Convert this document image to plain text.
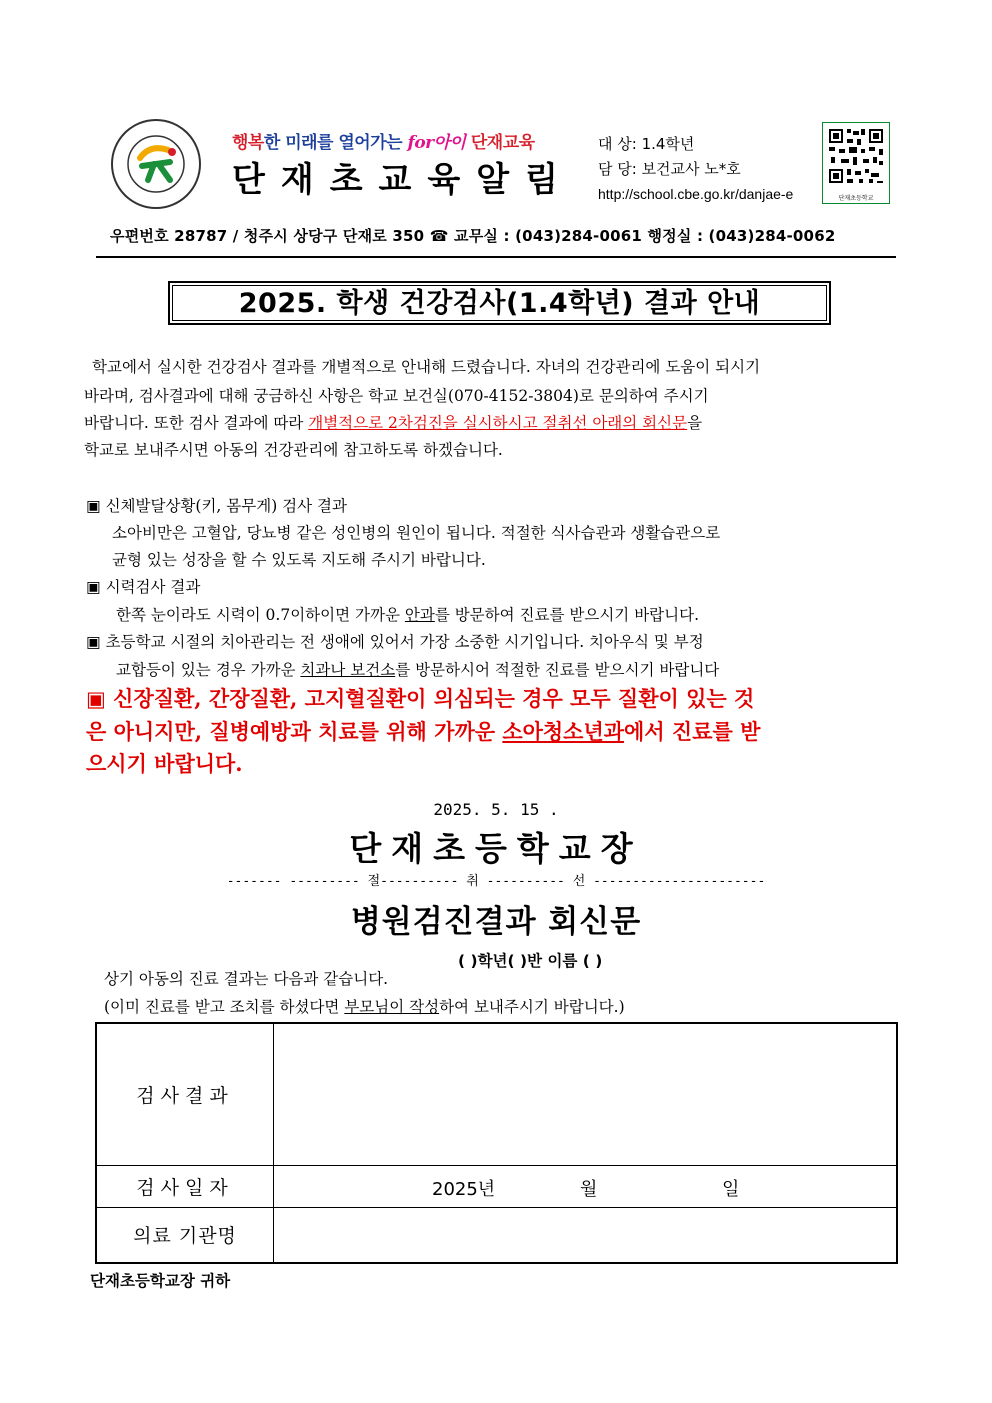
행복한 미래를 열어가는 for아이 단재교육
단재초교육알림
대 상: 1.4학년
담 당: 보건교사 노*호
http://school.cbe.go.kr/danjae-e	단재초등학교
우편번호 28787 / 청주시 상당구 단재로 350 ☎ 교무실 : (043)284-0061 행정실 : (043)284-0062
2025. 학생 건강검사(1.4학년) 결과 안내
학교에서 실시한 건강검사 결과를 개별적으로 안내해 드렸습니다. 자녀의 건강관리에 도움이 되시기
바라며, 검사결과에 대해 궁금하신 사항은 학교 보건실(070-4152-3804)로 문의하여 주시기
바랍니다. 또한 검사 결과에 따라 개별적으로 2차검진을 실시하시고 절취선 아래의 회신문을
학교로 보내주시면 아동의 건강관리에 참고하도록 하겠습니다.
▣ 신체발달상황(키, 몸무게) 검사 결과
소아비만은 고혈압, 당뇨병 같은 성인병의 원인이 됩니다. 적절한 식사습관과 생활습관으로
균형 있는 성장을 할 수 있도록 지도해 주시기 바랍니다.
▣ 시력검사 결과
한쪽 눈이라도 시력이 0.7이하이면 가까운 안과를 방문하여 진료를 받으시기 바랍니다.
▣ 초등학교 시절의 치아관리는 전 생애에 있어서 가장 소중한 시기입니다. 치아우식 및 부정
교합등이 있는 경우 가까운 치과나 보건소를 방문하시어 적절한 진료를 받으시기 바랍니다
▣ 신장질환, 간장질환, 고지혈질환이 의심되는 경우 모두 질환이 있는 것
은 아니지만, 질병예방과 치료를 위해 가까운 소아청소년과에서 진료를 받
으시기 바랍니다.
2025. 5. 15 .
단재초등학교장
------- --------- 절---------- 취 ---------- 선 ----------------------
병원검진결과 회신문
( )학년( )반 이름 ( )
상기 아동의 진료 결과는 다음과 같습니다.
(이미 진료를 받고 조치를 하셨다면 부모님이 작성하여 보내주시기 바랍니다.)
검사결과	
검사일자	2025년 월 일

의료 기관명	
단재초등학교장 귀하
